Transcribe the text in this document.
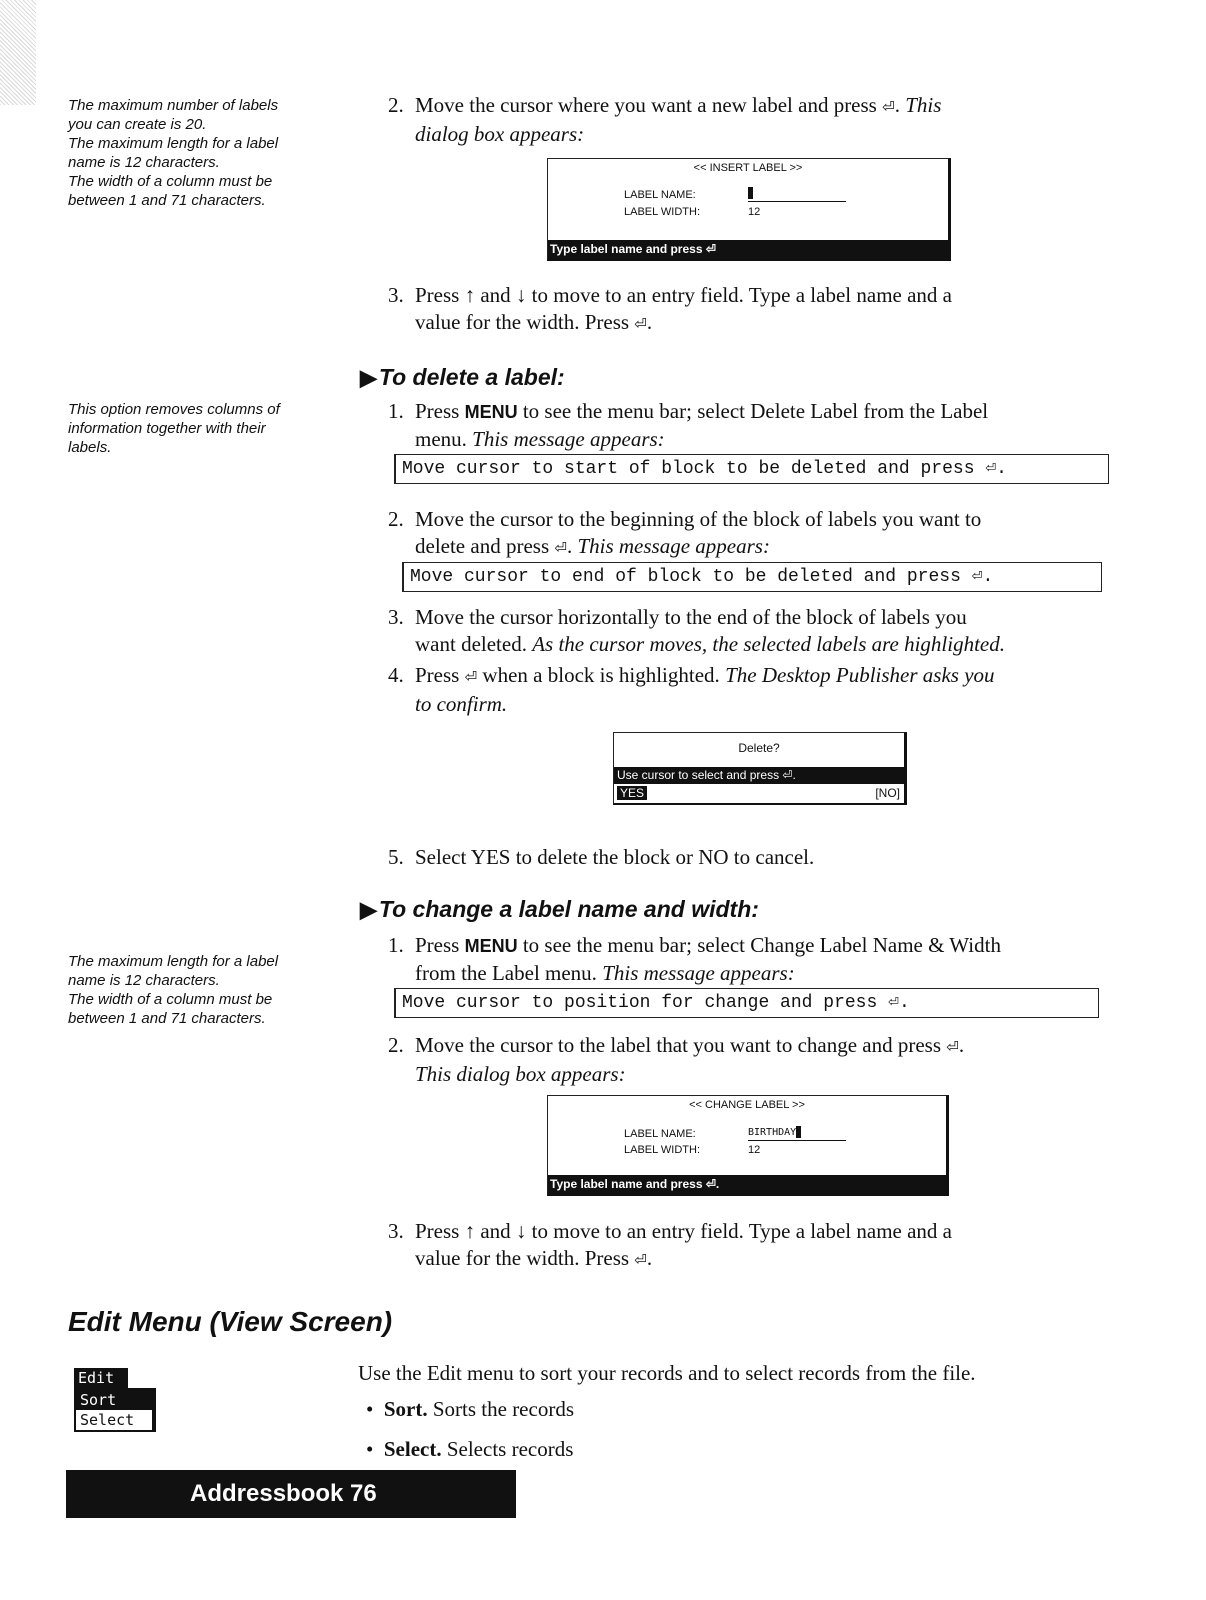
The maximum number of labels

you can create is 20.

The maximum length for a label

name is 12 characters.

The width of a column must be

between 1 and 71 characters.

2. Move the cursor where you want a new label and press ⏎. This
dialog box appears:
<< INSERT LABEL >>
LABEL NAME:
LABEL WIDTH:	12
Type label name and press ⏎
3. Press ↑ and ↓ to move to an entry field. Type a label name and a
value for the width. Press ⏎.
▶To delete a label:

This option removes columns of

information together with their

labels.

1. Press MENU to see the menu bar; select Delete Label from the Label
menu. This message appears:
Move cursor to start of block to be deleted and press ⏎.
2. Move the cursor to the beginning of the block of labels you want to
delete and press ⏎. This message appears:
Move cursor to end of block to be deleted and press ⏎.
3. Move the cursor horizontally to the end of the block of labels you
want deleted. As the cursor moves, the selected labels are highlighted.
4. Press ⏎ when a block is highlighted. The Desktop Publisher asks you
to confirm.
Delete?
Use cursor to select and press ⏎.
YES	[NO]
5. Select YES to delete the block or NO to cancel.
▶To change a label name and width:

The maximum length for a label

name is 12 characters.

The width of a column must be

between 1 and 71 characters.

1. Press MENU to see the menu bar; select Change Label Name & Width
from the Label menu. This message appears:
Move cursor to position for change and press ⏎.
2. Move the cursor to the label that you want to change and press ⏎.
This dialog box appears:
<< CHANGE LABEL >>
LABEL NAME:	BIRTHDAY
LABEL WIDTH:	12
Type label name and press ⏎.
3. Press ↑ and ↓ to move to an entry field. Type a label name and a
value for the width. Press ⏎.
Edit Menu (View Screen)
Edit
Sort
Select
Use the Edit menu to sort your records and to select records from the file.
•  Sort. Sorts the records
•  Select. Selects records
Addressbook 76
